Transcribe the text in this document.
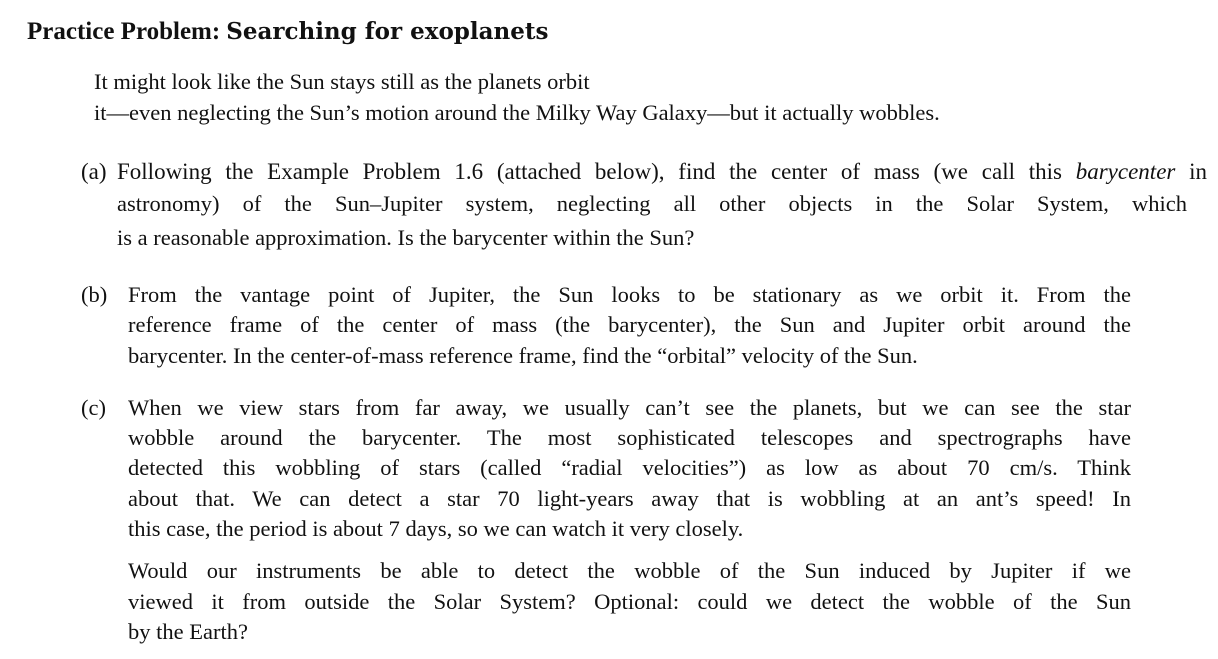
Practice Problem: Searching for exoplanets
It might look like the Sun stays still as the planets orbit
it—even neglecting the Sun’s motion around the Milky Way Galaxy—but it actually wobbles.
(a) Following the Example Problem 1.6 (attached below), find the center of mass (we call this barycenter in
astronomy) of the Sun–Jupiter system, neglecting all other objects in the Solar System, which
is a reasonable approximation. Is the barycenter within the Sun?
(b) From the vantage point of Jupiter, the Sun looks to be stationary as we orbit it. From the
reference frame of the center of mass (the barycenter), the Sun and Jupiter orbit around the
barycenter. In the center-of-mass reference frame, find the “orbital” velocity of the Sun.
(c) When we view stars from far away, we usually can’t see the planets, but we can see the star
wobble around the barycenter. The most sophisticated telescopes and spectrographs have
detected this wobbling of stars (called “radial velocities”) as low as about 70 cm/s. Think
about that. We can detect a star 70 light-years away that is wobbling at an ant’s speed! In
this case, the period is about 7 days, so we can watch it very closely.
Would our instruments be able to detect the wobble of the Sun induced by Jupiter if we
viewed it from outside the Solar System? Optional: could we detect the wobble of the Sun
by the Earth?
